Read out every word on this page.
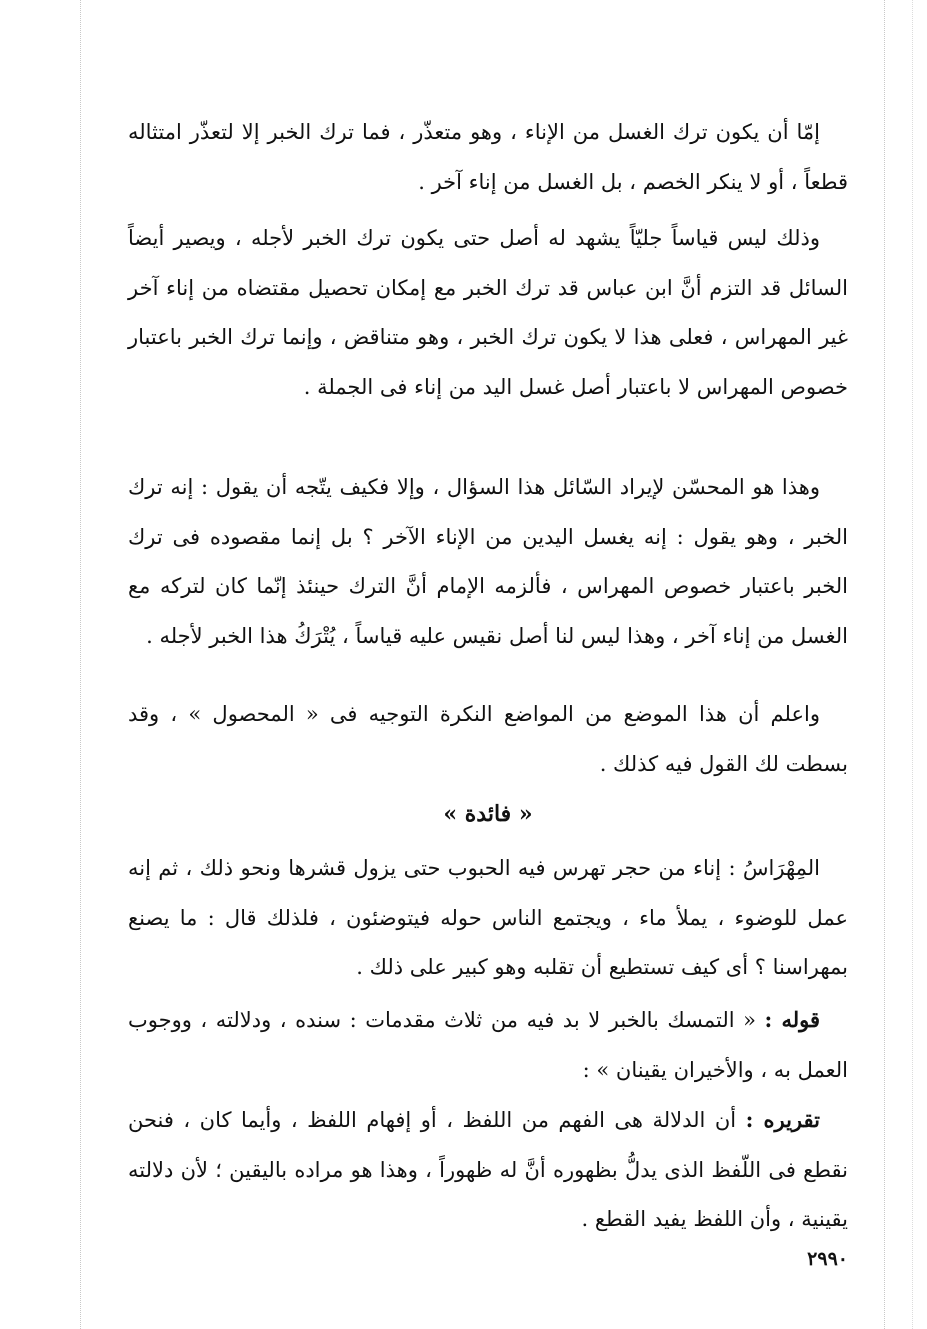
إمّا أن يكون ترك الغسل من الإناء ، وهو متعذّر ، فما ترك الخبر إلا لتعذّر امتثاله قطعاً ، أو لا ينكر الخصم ، بل الغسل من إناء آخر .

وذلك ليس قياساً جليّاً يشهد له أصل حتى يكون ترك الخبر لأجله ، ويصير أيضاً السائل قد التزم أنَّ ابن عباس قد ترك الخبر مع إمكان تحصيل مقتضاه من إناء آخر غير المهراس ، فعلى هذا لا يكون ترك الخبر ، وهو متناقض ، وإنما ترك الخبر باعتبار خصوص المهراس لا باعتبار أصل غسل اليد من إناء فى الجملة .

وهذا هو المحسّن لإيراد السّائل هذا السؤال ، وإلا فكيف يتّجه أن يقول : إنه ترك الخبر ، وهو يقول : إنه يغسل اليدين من الإناء الآخر ؟ بل إنما مقصوده فى ترك الخبر باعتبار خصوص المهراس ، فألزمه الإمام أنَّ الترك حينئذ إنّما كان لتركه مع الغسل من إناء آخر ، وهذا ليس لنا أصل نقيس عليه قياساً ، يُتْرَكُ هذا الخبر لأجله .

واعلم أن هذا الموضع من المواضع النكرة التوجيه فى « المحصول » ، وقد بسطت لك القول فيه كذلك .

« فائدة »

المِهْرَاسُ : إناء من حجر تهرس فيه الحبوب حتى يزول قشرها ونحو ذلك ، ثم إنه عمل للوضوء ، يملأ ماء ، ويجتمع الناس حوله فيتوضئون ، فلذلك قال : ما يصنع بمهراسنا ؟ أى كيف تستطيع أن تقلبه وهو كبير على ذلك .

قوله : « التمسك بالخبر لا بد فيه من ثلاث مقدمات : سنده ، ودلالته ، ووجوب العمل به ، والأخيران يقينان » :

تقريره : أن الدلالة هى الفهم من اللفظ ، أو إفهام اللفظ ، وأيما كان ، فنحن نقطع فى اللّفظ الذى يدلُّ بظهوره أنَّ له ظهوراً ، وهذا هو مراده باليقين ؛ لأن دلالته يقينية ، وأن اللفظ يفيد القطع .

٢٩٩٠
